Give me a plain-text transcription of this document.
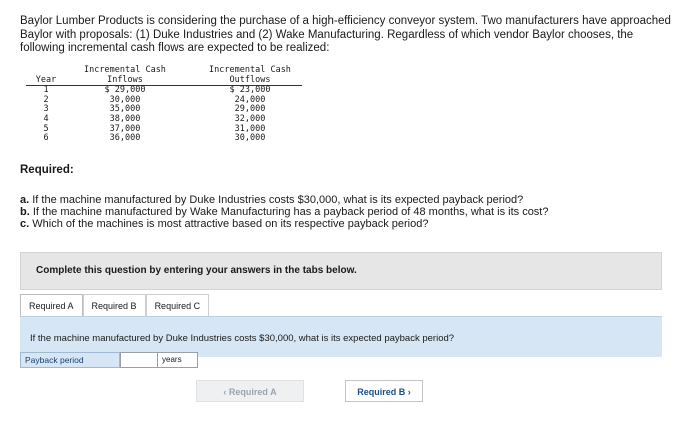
Baylor Lumber Products is considering the purchase of a high-efficiency conveyor system. Two manufacturers have approached Baylor with proposals: (1) Duke Industries and (2) Wake Manufacturing. Regardless of which vendor Baylor chooses, the following incremental cash flows are expected to be realized:
	Incremental Cash	Incremental Cash
Year	Inflows	Outflows
1	$ 29,000	$ 23,000
2	30,000	24,000
3	35,000	29,000
4	38,000	32,000
5	37,000	31,000
6	36,000	30,000
Required:
a. If the machine manufactured by Duke Industries costs $30,000, what is its expected payback period?
b. If the machine manufactured by Wake Manufacturing has a payback period of 48 months, what is its cost?
c. Which of the machines is most attractive based on its respective payback period?
Complete this question by entering your answers in the tabs below.
Required A	Required B	Required C
If the machine manufactured by Duke Industries costs $30,000, what is its expected payback period?
Payback period	years
‹ Required A	Required B ›
